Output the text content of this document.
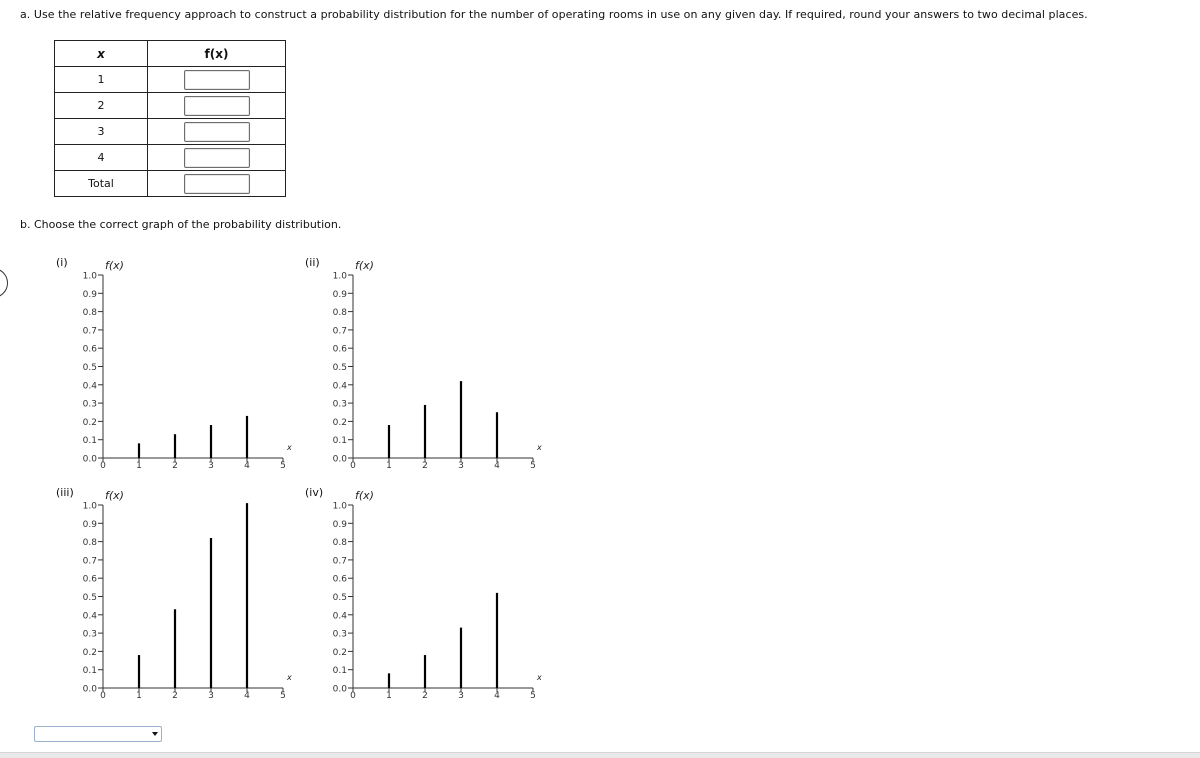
a. Use the relative frequency approach to construct a probability distribution for the number of operating rooms in use on any given day. If required, round your answers to two decimal places.
x	f(x)
1	
2	
3	
4	
Total	
b. Choose the correct graph of the probability distribution.
(i)	(ii)
(iii)	(iv)
0.0
0.1
0.2
0.3
0.4
0.5
0.6
0.7
0.8
0.9
1.0
0	1	2	3	4	5
f(x)
x
0.0
0.1
0.2
0.3
0.4
0.5
0.6
0.7
0.8
0.9
1.0
0	1	2	3	4	5
f(x)
x
0.0
0.1
0.2
0.3
0.4
0.5
0.6
0.7
0.8
0.9
1.0
0	1	2	3	4	5
f(x)
x
0.0
0.1
0.2
0.3
0.4
0.5
0.6
0.7
0.8
0.9
1.0
0	1	2	3	4	5
f(x)
x
